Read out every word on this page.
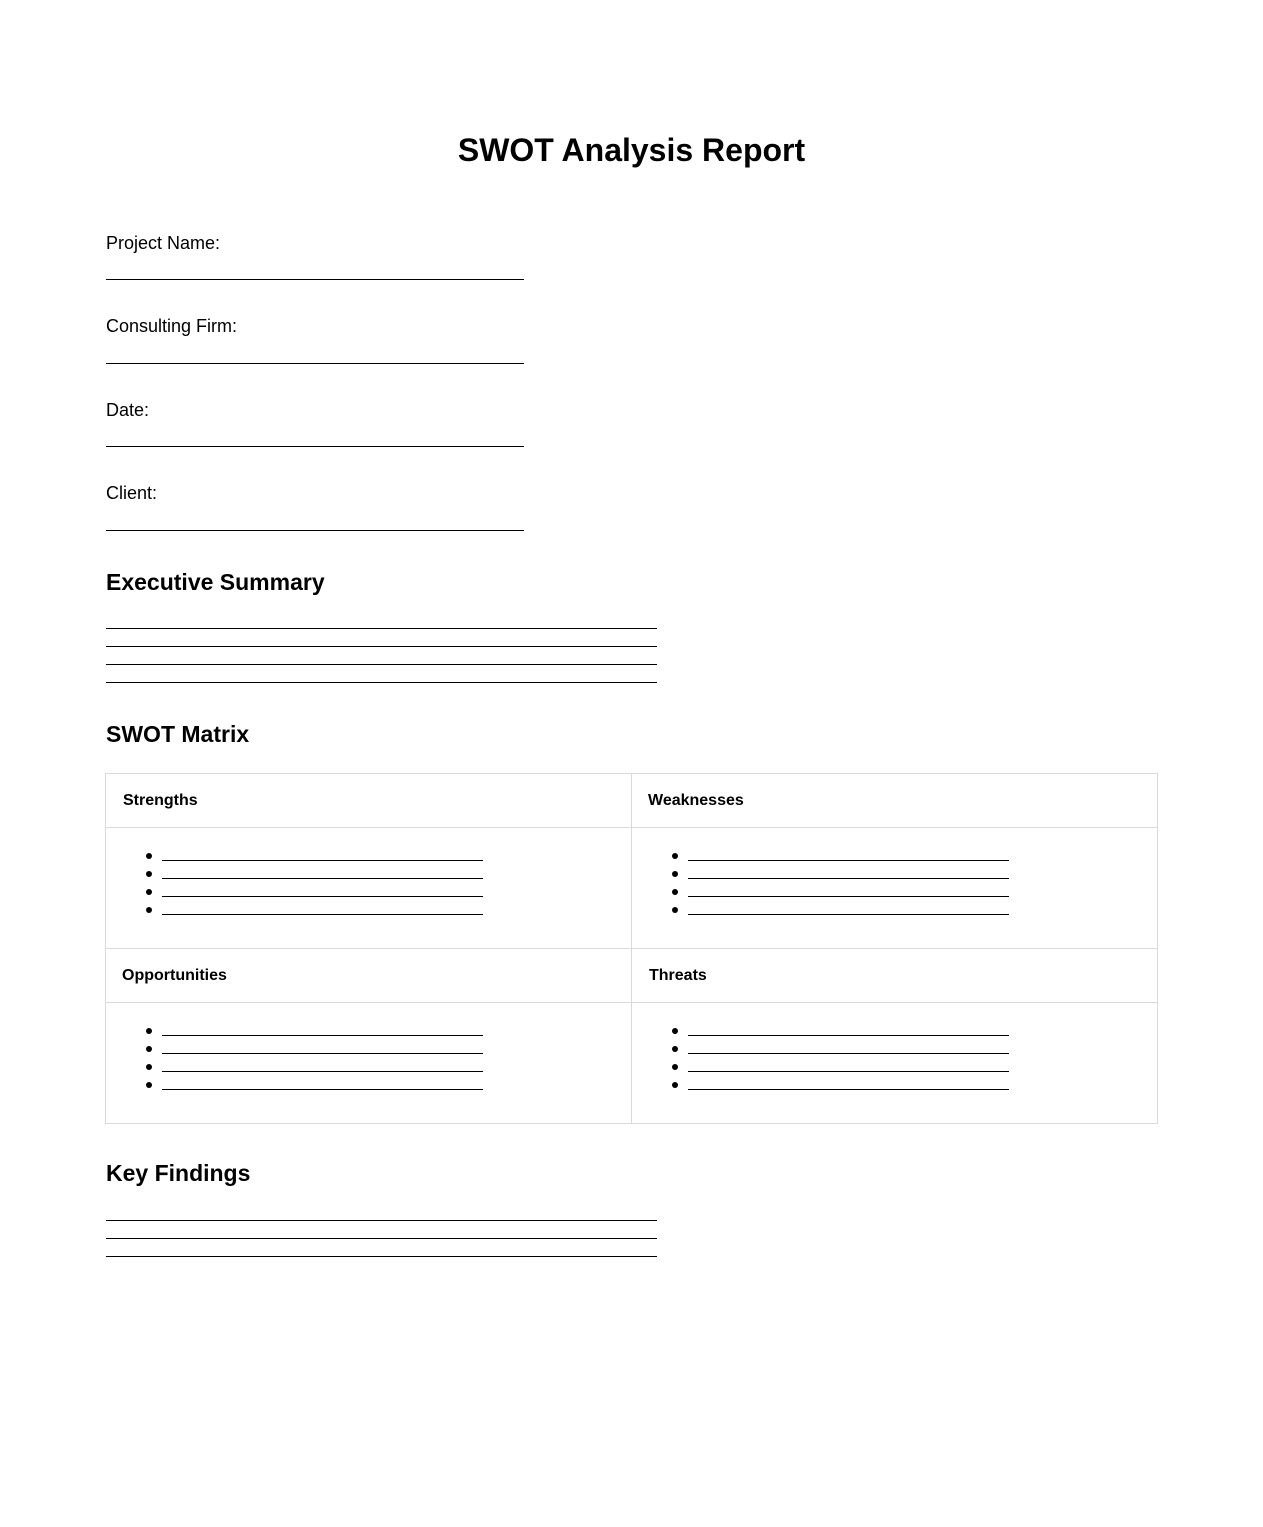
SWOT Analysis Report
Project Name:
Consulting Firm:
Date:
Client:
Executive Summary
SWOT Matrix
Strengths	Weaknesses
Opportunities	Threats
Key Findings
